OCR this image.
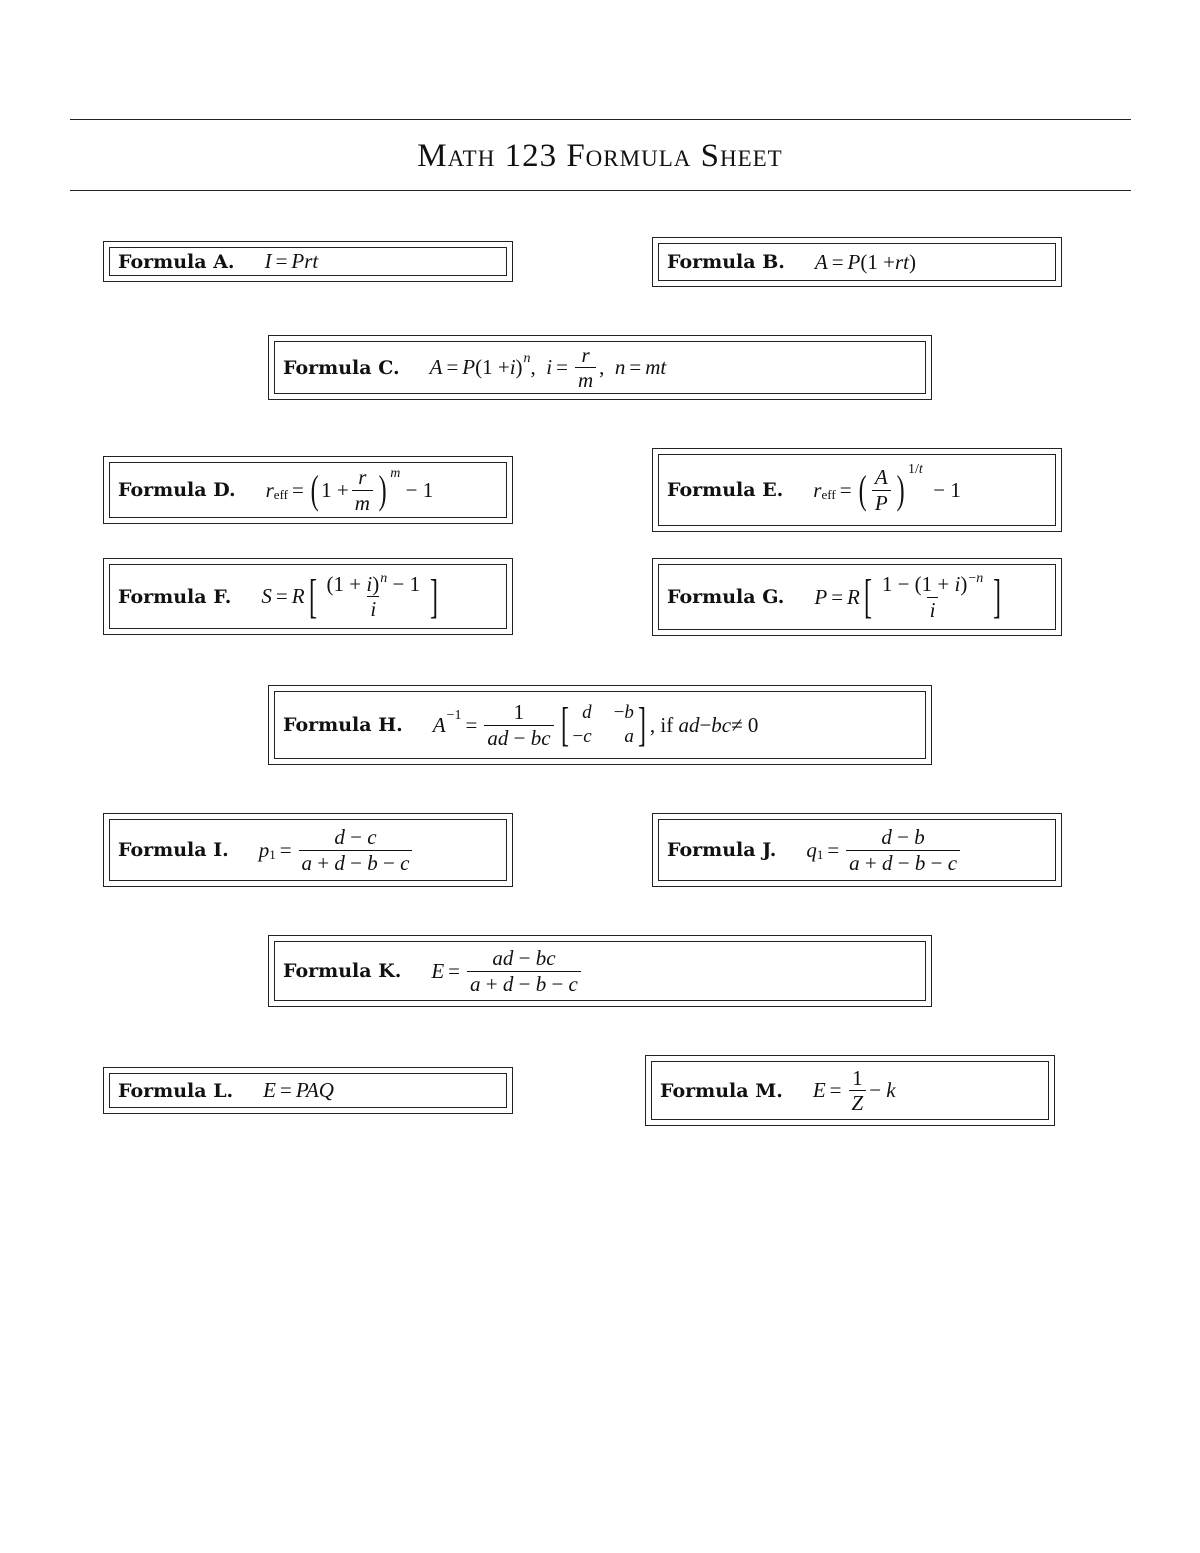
Math 123 Formula Sheet
Formula A. I = Prt	Formula B. A = P (1 + rt )
Formula C. A = P (1 + i ) n , $i = \frac{r}{m}$ , n = mt
Formula D. r eff = ( $1 + \frac{r}{m}$ ) m
− 1	Formula E. r eff = ( $\frac{A}{P}$ ) 1/t
− 1
Formula F. S = R [ $\frac{(1 + i)^n - 1}{i}$ ]	Formula G. P = R [ $\frac{1 - (1 + i)^{-n}}{i}$ ]
Formula H. $A -1 = \frac{1}{ad - bc}$ [ d −b
−c	a ] , if ad − bc ≠ 0
Formula I. p $1 = \frac{d - c}{a + d - b - c}$	Formula J. q $1 = \frac{d - b}{a + d - b - c}$
Formula K. $E = \frac{ad - bc}{a + d - b - c}$
Formula L. E = PAQ	Formula M. $E = \frac{1}{Z} - k$
